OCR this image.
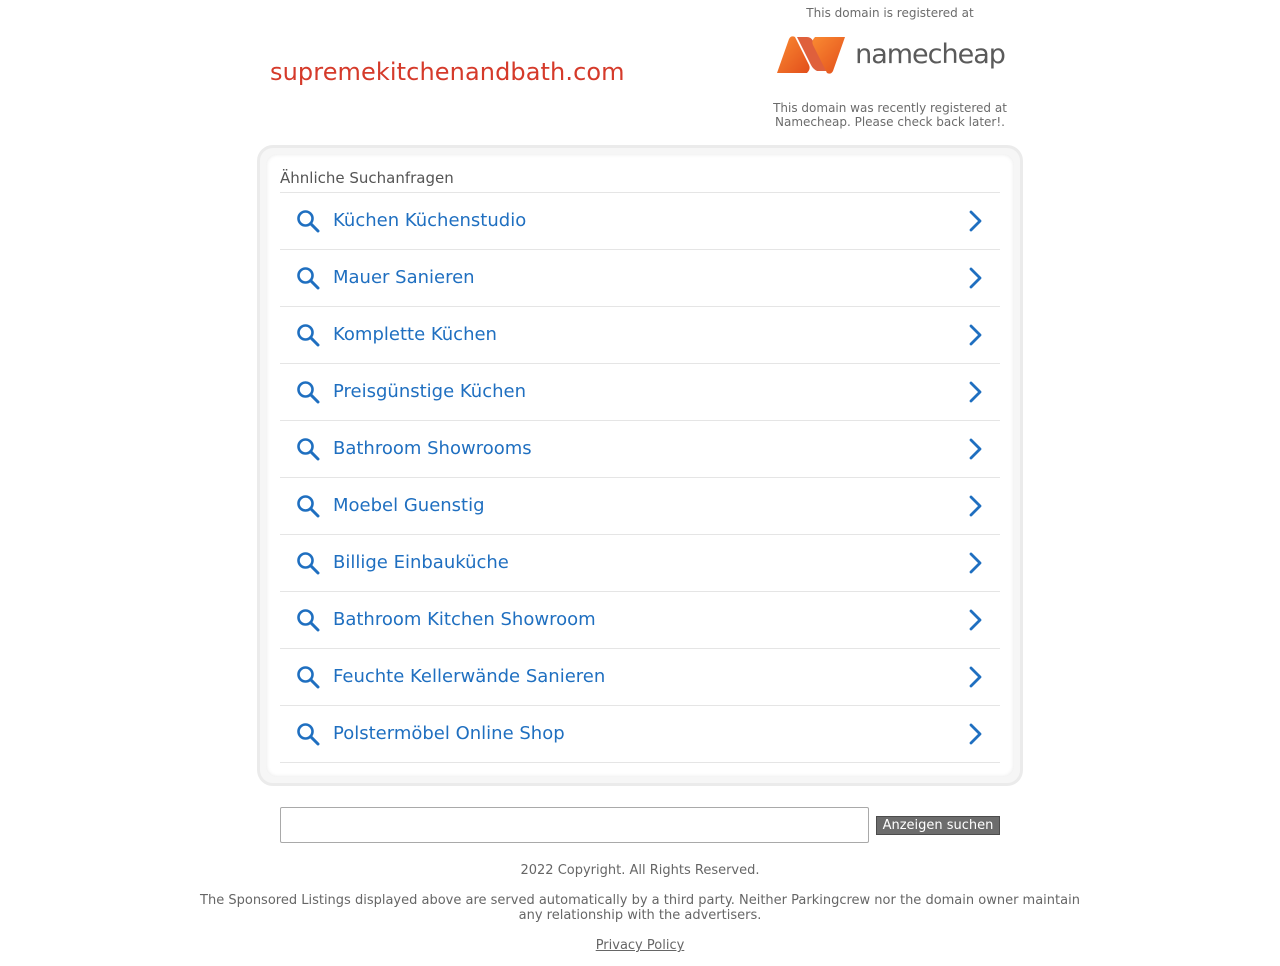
supremekitchenandbath.com
This domain is registered at
namecheap
This domain was recently registered at Namecheap. Please check back later!.
Ähnliche Suchanfragen
Küchen Küchenstudio
Mauer Sanieren
Komplette Küchen
Preisgünstige Küchen
Bathroom Showrooms
Moebel Guenstig
Billige Einbauküche
Bathroom Kitchen Showroom
Feuchte Kellerwände Sanieren
Polstermöbel Online Shop
Anzeigen suchen
2022 Copyright. All Rights Reserved.
The Sponsored Listings displayed above are served automatically by a third party. Neither Parkingcrew nor the domain owner maintain any relationship with the advertisers.
Privacy Policy
